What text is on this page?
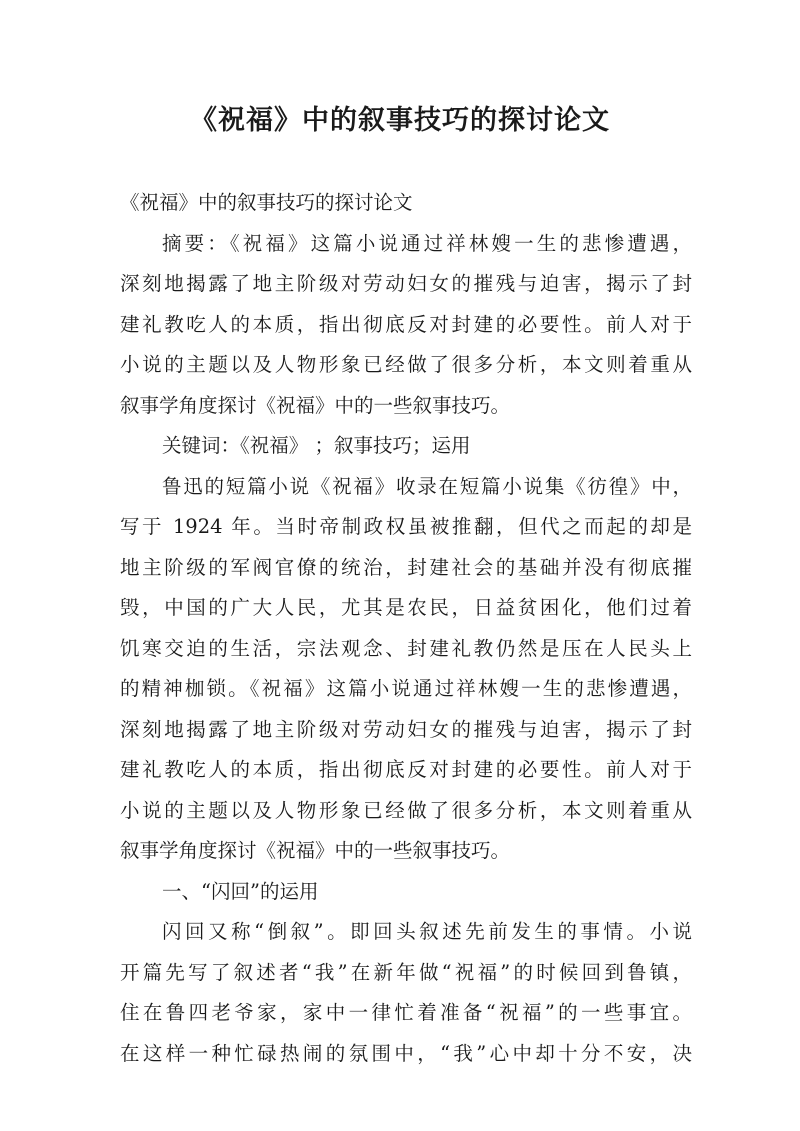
《祝福》中的叙事技巧的探讨论文
《祝福》中的叙事技巧的探讨论文
摘要：《祝福》这篇小说通过祥林嫂一生的悲惨遭遇，
深刻地揭露了地主阶级对劳动妇女的摧残与迫害，揭示了封
建礼教吃人的本质，指出彻底反对封建的必要性。前人对于
小说的主题以及人物形象已经做了很多分析，本文则着重从
叙事学角度探讨《祝福》中的一些叙事技巧。
关键词：《祝福》 ；叙事技巧；运用
鲁迅的短篇小说《祝福》收录在短篇小说集《彷徨》中，
写于 1924 年。当时帝制政权虽被推翻，但代之而起的却是
地主阶级的军阀官僚的统治，封建社会的基础并没有彻底摧
毁，中国的广大人民，尤其是农民，日益贫困化，他们过着
饥寒交迫的生活，宗法观念、封建礼教仍然是压在人民头上
的精神枷锁。《祝福》这篇小说通过祥林嫂一生的悲惨遭遇，
深刻地揭露了地主阶级对劳动妇女的摧残与迫害，揭示了封
建礼教吃人的本质，指出彻底反对封建的必要性。前人对于
小说的主题以及人物形象已经做了很多分析，本文则着重从
叙事学角度探讨《祝福》中的一些叙事技巧。
一、“闪回”的运用
闪回又称“倒叙”。即回头叙述先前发生的事情。小说
开篇先写了叙述者“我”在新年做“祝福”的时候回到鲁镇，
住在鲁四老爷家，家中一律忙着准备“祝福”的一些事宜。
在这样一种忙碌热闹的氛围中，“我”心中却十分不安，决
